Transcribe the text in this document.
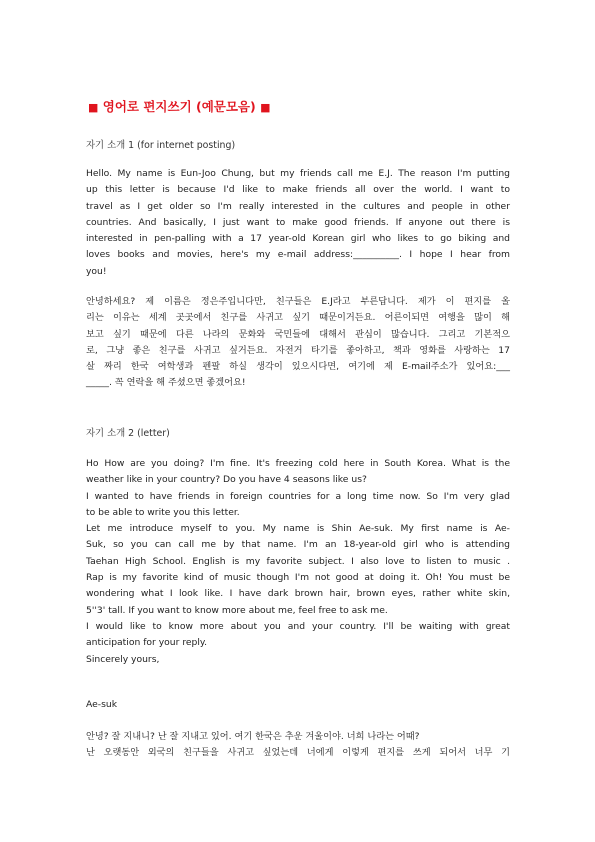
■ 영어로 편지쓰기 (예문모음) ■
자기 소개 1 (for internet posting)
Hello. My name is Eun-Joo Chung, but my friends call me E.J. The reason I'm putting
up this letter is because I'd like to make friends all over the world. I want to
travel as I get older so I'm really interested in the cultures and people in other
countries. And basically, I just want to make good friends. If anyone out there is
interested in pen-palling with a 17 year-old Korean girl who likes to go biking and
loves books and movies, here's my e-mail address:__________. I hope I hear from
you!
안녕하세요? 제 이름은 정은주입니다만, 친구들은 E.J라고 부른답니다. 제가 이 편지를 올
리는 이유는 세계 곳곳에서 친구를 사귀고 싶기 때문이거든요. 어른이되면 여행을 많이 해
보고 싶기 때문에 다른 나라의 문화와 국민들에 대해서 관심이 많습니다. 그리고 기본적으
로, 그냥 좋은 친구를 사귀고 싶거든요. 자전거 타기를 좋아하고, 책과 영화를 사랑하는 17
살 짜리 한국 여학생과 펜팔 하실 생각이 있으시다면, 여기에 제 E-mail주소가 있어요:___
_____. 꼭 연락을 해 주셨으면 좋겠어요!
자기 소개 2 (letter)
Ho How are you doing? I'm fine. It's freezing cold here in South Korea. What is the
weather like in your country? Do you have 4 seasons like us?
I wanted to have friends in foreign countries for a long time now. So I'm very glad
to be able to write you this letter.
Let me introduce myself to you. My name is Shin Ae-suk. My first name is Ae-
Suk, so you can call me by that name. I'm an 18-year-old girl who is attending
Taehan High School. English is my favorite subject. I also love to listen to music .
Rap is my favorite kind of music though I'm not good at doing it. Oh! You must be
wondering what I look like. I have dark brown hair, brown eyes, rather white skin,
5''3' tall. If you want to know more about me, feel free to ask me.
I would like to know more about you and your country. I'll be waiting with great
anticipation for your reply.
Sincerely yours,
Ae-suk
안녕? 잘 지내니? 난 잘 지내고 있어. 여기 한국은 추운 겨울이야. 너희 나라는 어때?
난 오랫동안 외국의 친구들을 사귀고 싶었는데 너에게 이렇게 편지를 쓰게 되어서 너무 기
